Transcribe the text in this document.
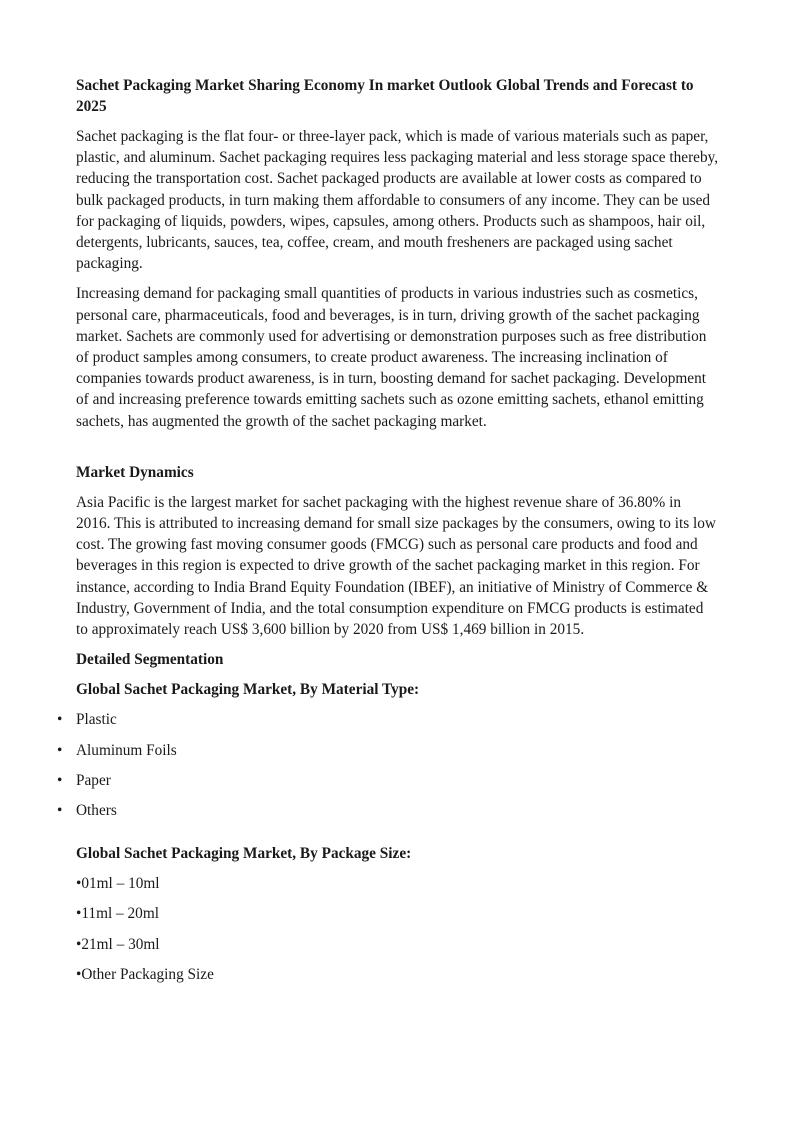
Sachet Packaging Market Sharing Economy In market Outlook Global Trends and Forecast to 2025

Sachet packaging is the flat four- or three-layer pack, which is made of various materials such as paper, plastic, and aluminum. Sachet packaging requires less packaging material and less storage space thereby, reducing the transportation cost. Sachet packaged products are available at lower costs as compared to bulk packaged products, in turn making them affordable to consumers of any income. They can be used for packaging of liquids, powders, wipes, capsules, among others. Products such as shampoos, hair oil, detergents, lubricants, sauces, tea, coffee, cream, and mouth fresheners are packaged using sachet packaging.

Increasing demand for packaging small quantities of products in various industries such as cosmetics, personal care, pharmaceuticals, food and beverages, is in turn, driving growth of the sachet packaging market. Sachets are commonly used for advertising or demonstration purposes such as free distribution of product samples among consumers, to create product awareness. The increasing inclination of companies towards product awareness, is in turn, boosting demand for sachet packaging. Development of and increasing preference towards emitting sachets such as ozone emitting sachets, ethanol emitting sachets, has augmented the growth of the sachet packaging market.

Market Dynamics

Asia Pacific is the largest market for sachet packaging with the highest revenue share of 36.80% in 2016. This is attributed to increasing demand for small size packages by the consumers, owing to its low cost. The growing fast moving consumer goods (FMCG) such as personal care products and food and beverages in this region is expected to drive growth of the sachet packaging market in this region. For instance, according to India Brand Equity Foundation (IBEF), an initiative of Ministry of Commerce & Industry, Government of India, and the total consumption expenditure on FMCG products is estimated to approximately reach US$ 3,600 billion by 2020 from US$ 1,469 billion in 2015.

Detailed Segmentation
Global Sachet Packaging Market, By Material Type:
• Plastic
• Aluminum Foils
• Paper
• Others
Global Sachet Packaging Market, By Package Size:
•01ml – 10ml
•11ml – 20ml
•21ml – 30ml
•Other Packaging Size
